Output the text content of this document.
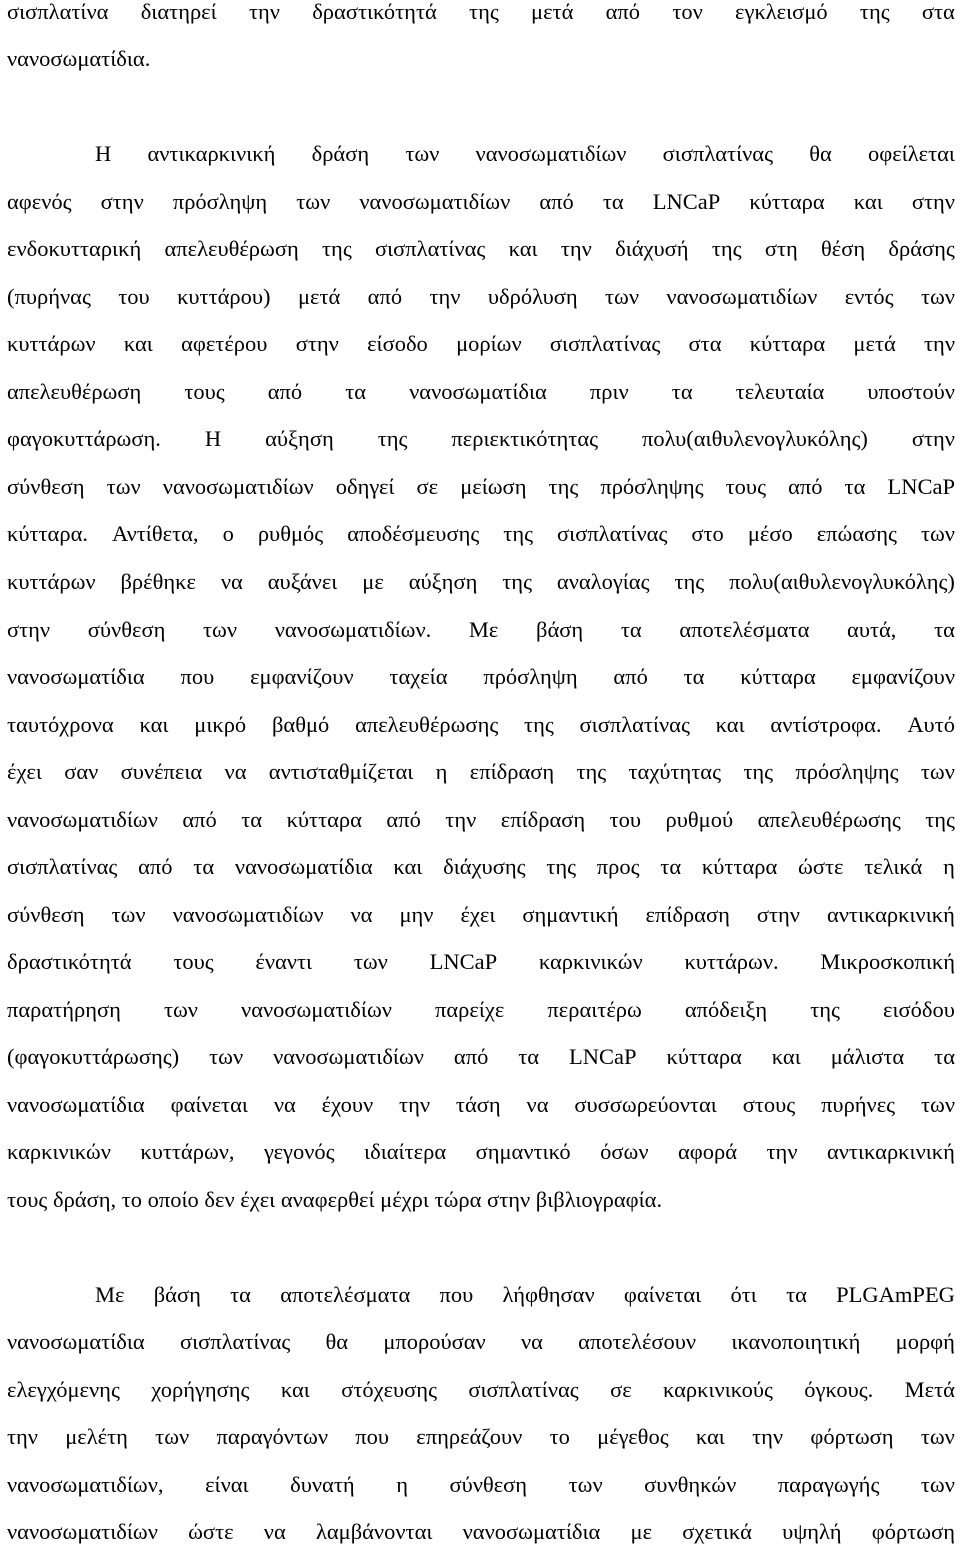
σισπλατίνα διατηρεί την δραστικότητά της μετά από τον εγκλεισμό της στα
νανοσωματίδια.
Η αντικαρκινική δράση των νανοσωματιδίων σισπλατίνας θα οφείλεται
αφενός στην πρόσληψη των νανοσωματιδίων από τα LNCaP κύτταρα και στην
ενδοκυτταρική απελευθέρωση της σισπλατίνας και την διάχυσή της στη θέση δράσης
(πυρήνας του κυττάρου) μετά από την υδρόλυση των νανοσωματιδίων εντός των
κυττάρων και αφετέρου στην είσοδο μορίων σισπλατίνας στα κύτταρα μετά την
απελευθέρωση τους από τα νανοσωματίδια πριν τα τελευταία υποστούν
φαγοκυττάρωση. Η αύξηση της περιεκτικότητας πολυ(αιθυλενογλυκόλης) στην
σύνθεση των νανοσωματιδίων οδηγεί σε μείωση της πρόσληψης τους από τα LNCaP
κύτταρα. Αντίθετα, ο ρυθμός αποδέσμευσης της σισπλατίνας στο μέσο επώασης των
κυττάρων βρέθηκε να αυξάνει με αύξηση της αναλογίας της πολυ(αιθυλενογλυκόλης)
στην σύνθεση των νανοσωματιδίων. Με βάση τα αποτελέσματα αυτά, τα
νανοσωματίδια που εμφανίζουν ταχεία πρόσληψη από τα κύτταρα εμφανίζουν
ταυτόχρονα και μικρό βαθμό απελευθέρωσης της σισπλατίνας και αντίστροφα. Αυτό
έχει σαν συνέπεια να αντισταθμίζεται η επίδραση της ταχύτητας της πρόσληψης των
νανοσωματιδίων από τα κύτταρα από την επίδραση του ρυθμού απελευθέρωσης της
σισπλατίνας από τα νανοσωματίδια και διάχυσης της προς τα κύτταρα ώστε τελικά η
σύνθεση των νανοσωματιδίων να μην έχει σημαντική επίδραση στην αντικαρκινική
δραστικότητά τους έναντι των LNCaP καρκινικών κυττάρων. Μικροσκοπική
παρατήρηση των νανοσωματιδίων παρείχε περαιτέρω απόδειξη της εισόδου
(φαγοκυττάρωσης) των νανοσωματιδίων από τα LNCaP κύτταρα και μάλιστα τα
νανοσωματίδια φαίνεται να έχουν την τάση να συσσωρεύονται στους πυρήνες των
καρκινικών κυττάρων, γεγονός ιδιαίτερα σημαντικό όσων αφορά την αντικαρκινική
τους δράση, το οποίο δεν έχει αναφερθεί μέχρι τώρα στην βιβλιογραφία.
Με βάση τα αποτελέσματα που λήφθησαν φαίνεται ότι τα PLGAmPEG
νανοσωματίδια σισπλατίνας θα μπορούσαν να αποτελέσουν ικανοποιητική μορφή
ελεγχόμενης χορήγησης και στόχευσης σισπλατίνας σε καρκινικούς όγκους. Μετά
την μελέτη των παραγόντων που επηρεάζουν το μέγεθος και την φόρτωση των
νανοσωματιδίων, είναι δυνατή η σύνθεση των συνθηκών παραγωγής των
νανοσωματιδίων ώστε να λαμβάνονται νανοσωματίδια με σχετικά υψηλή φόρτωση
